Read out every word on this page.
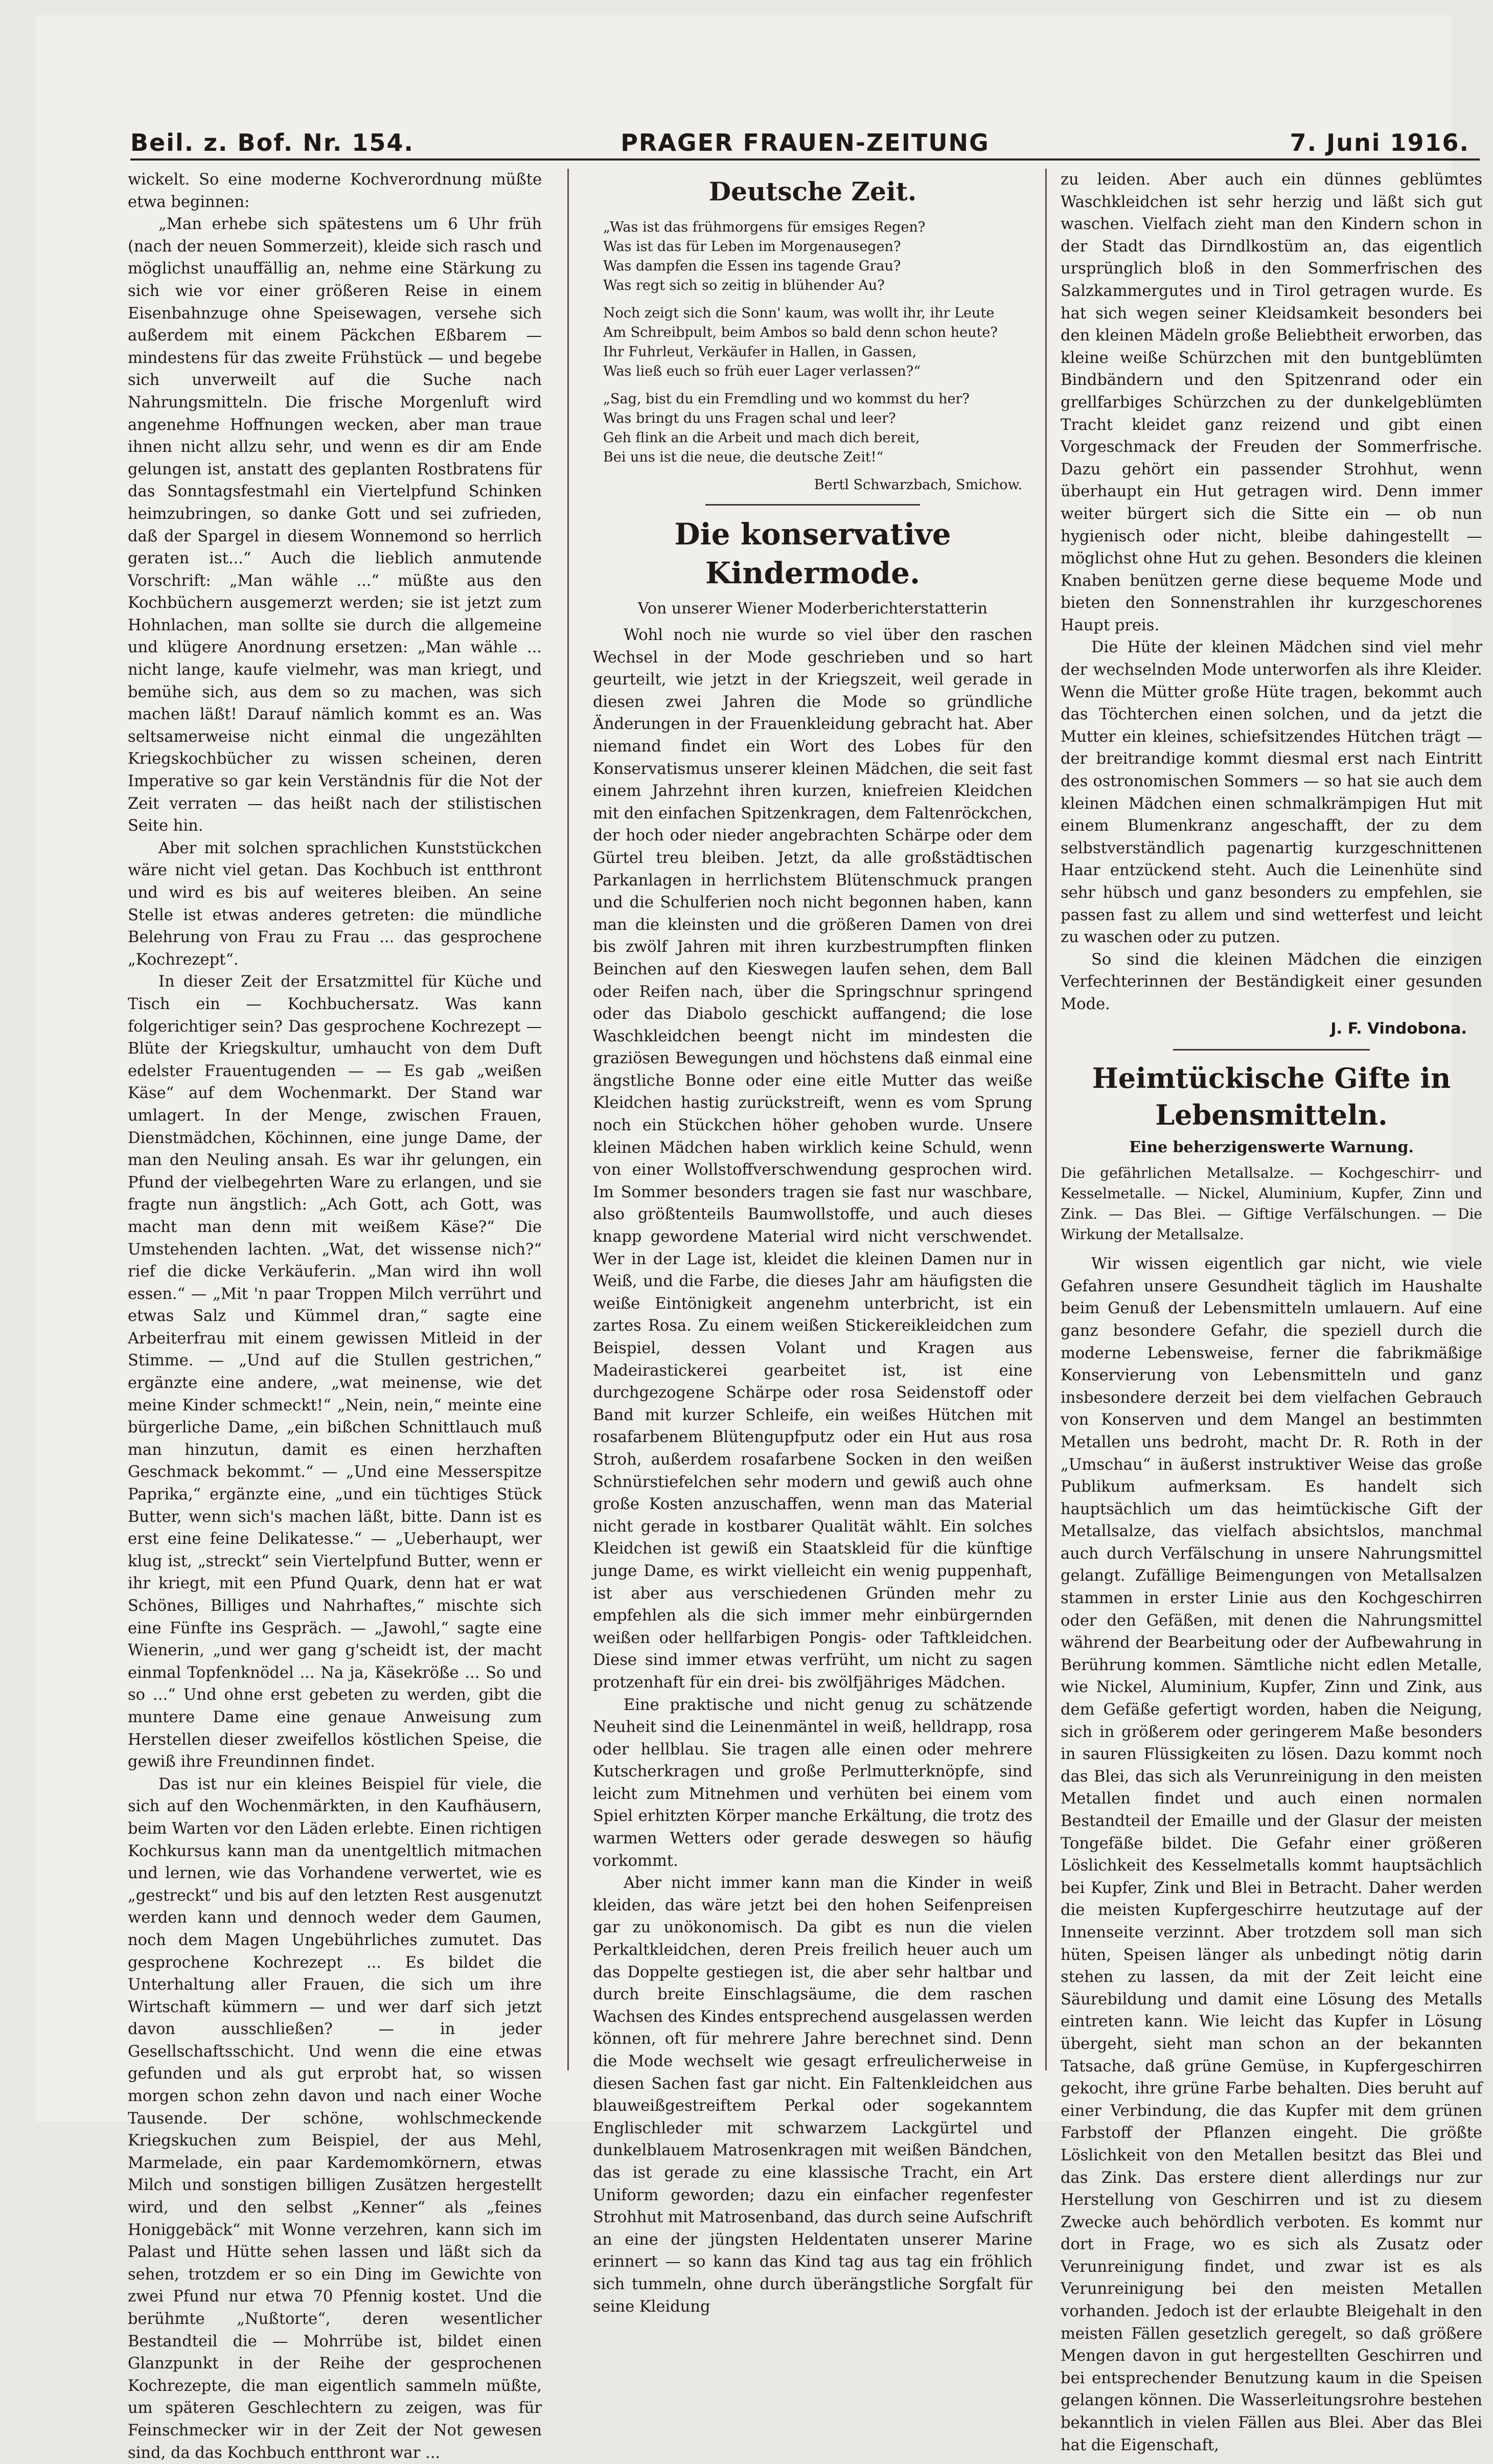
Beil. z. Bof. Nr. 154.	PRAGER FRAUEN-ZEITUNG	7. Juni 1916.

wickelt. So eine moderne Kochverordnung müßte etwa beginnen:

„Man erhebe sich spätestens um 6 Uhr früh (nach der neuen Sommerzeit), kleide sich rasch und möglichst unauffällig an, nehme eine Stärkung zu sich wie vor einer größeren Reise in einem Eisenbahnzuge ohne Speisewagen, versehe sich außerdem mit einem Päckchen Eßbarem — mindestens für das zweite Frühstück — und begebe sich unverweilt auf die Suche nach Nahrungsmitteln. Die frische Morgenluft wird angenehme Hoffnungen wecken, aber man traue ihnen nicht allzu sehr, und wenn es dir am Ende gelungen ist, anstatt des geplanten Rostbratens für das Sonntagsfestmahl ein Viertelpfund Schinken heimzubringen, so danke Gott und sei zufrieden, daß der Spargel in diesem Wonnemond so herrlich geraten ist...“ Auch die lieblich anmutende Vorschrift: „Man wähle ...“ müßte aus den Kochbüchern ausgemerzt werden; sie ist jetzt zum Hohnlachen, man sollte sie durch die allgemeine und klügere Anordnung ersetzen: „Man wähle ... nicht lange, kaufe vielmehr, was man kriegt, und bemühe sich, aus dem so zu machen, was sich machen läßt! Darauf nämlich kommt es an. Was seltsamerweise nicht einmal die ungezählten Kriegskochbücher zu wissen scheinen, deren Imperative so gar kein Verständnis für die Not der Zeit verraten — das heißt nach der stilistischen Seite hin.

Aber mit solchen sprachlichen Kunststückchen wäre nicht viel getan. Das Kochbuch ist entthront und wird es bis auf weiteres bleiben. An seine Stelle ist etwas anderes getreten: die mündliche Belehrung von Frau zu Frau ... das gesprochene „Kochrezept“.

In dieser Zeit der Ersatzmittel für Küche und Tisch ein — Kochbuchersatz. Was kann folgerichtiger sein? Das gesprochene Kochrezept — Blüte der Kriegskultur, umhaucht von dem Duft edelster Frauentugenden — — Es gab „weißen Käse“ auf dem Wochenmarkt. Der Stand war umlagert. In der Menge, zwischen Frauen, Dienstmädchen, Köchinnen, eine junge Dame, der man den Neuling ansah. Es war ihr gelungen, ein Pfund der vielbegehrten Ware zu erlangen, und sie fragte nun ängstlich: „Ach Gott, ach Gott, was macht man denn mit weißem Käse?“ Die Umstehenden lachten. „Wat, det wissense nich?“ rief die dicke Verkäuferin. „Man wird ihn woll essen.“ — „Mit 'n paar Troppen Milch verrührt und etwas Salz und Kümmel dran,“ sagte eine Arbeiterfrau mit einem gewissen Mitleid in der Stimme. — „Und auf die Stullen gestrichen,“ ergänzte eine andere, „wat meinense, wie det meine Kinder schmeckt!“ „Nein, nein,“ meinte eine bürgerliche Dame, „ein bißchen Schnittlauch muß man hinzutun, damit es einen herzhaften Geschmack bekommt.“ — „Und eine Messerspitze Paprika,“ ergänzte eine, „und ein tüchtiges Stück Butter, wenn sich's machen läßt, bitte. Dann ist es erst eine feine Delikatesse.“ — „Ueberhaupt, wer klug ist, „streckt“ sein Viertelpfund Butter, wenn er ihr kriegt, mit een Pfund Quark, denn hat er wat Schönes, Billiges und Nahrhaftes,“ mischte sich eine Fünfte ins Gespräch. — „Jawohl,“ sagte eine Wienerin, „und wer gang g'scheidt ist, der macht einmal Topfenknödel ... Na ja, Käsekröße ... So und so ...“ Und ohne erst gebeten zu werden, gibt die muntere Dame eine genaue Anweisung zum Herstellen dieser zweifellos köstlichen Speise, die gewiß ihre Freundinnen findet.

Das ist nur ein kleines Beispiel für viele, die sich auf den Wochenmärkten, in den Kaufhäusern, beim Warten vor den Läden erlebte. Einen richtigen Kochkursus kann man da unentgeltlich mitmachen und lernen, wie das Vorhandene verwertet, wie es „gestreckt“ und bis auf den letzten Rest ausgenutzt werden kann und dennoch weder dem Gaumen, noch dem Magen Ungebührliches zumutet. Das gesprochene Kochrezept ... Es bildet die Unterhaltung aller Frauen, die sich um ihre Wirtschaft kümmern — und wer darf sich jetzt davon ausschließen? — in jeder Gesellschaftsschicht. Und wenn die eine etwas gefunden und als gut erprobt hat, so wissen morgen schon zehn davon und nach einer Woche Tausende. Der schöne, wohlschmeckende Kriegskuchen zum Beispiel, der aus Mehl, Marmelade, ein paar Kardemomkörnern, etwas Milch und sonstigen billigen Zusätzen hergestellt wird, und den selbst „Kenner“ als „feines Honiggebäck“ mit Wonne verzehren, kann sich im Palast und Hütte sehen lassen und läßt sich da sehen, trotzdem er so ein Ding im Gewichte von zwei Pfund nur etwa 70 Pfennig kostet. Und die berühmte „Nußtorte“, deren wesentlicher Bestandteil die — Mohrrübe ist, bildet einen Glanzpunkt in der Reihe der gesprochenen Kochrezepte, die man eigentlich sammeln müßte, um späteren Geschlechtern zu zeigen, was für Feinschmecker wir in der Zeit der Not gewesen sind, da das Kochbuch entthront war ...

Deutsche Zeit.
„Was ist das frühmorgens für emsiges Regen?
Was ist das für Leben im Morgenausegen?
Was dampfen die Essen ins tagende Grau?
Was regt sich so zeitig in blühender Au?
Noch zeigt sich die Sonn' kaum, was wollt ihr, ihr Leute
Am Schreibpult, beim Ambos so bald denn schon heute?
Ihr Fuhrleut, Verkäufer in Hallen, in Gassen,
Was ließ euch so früh euer Lager verlassen?“
„Sag, bist du ein Fremdling und wo kommst du her?
Was bringt du uns Fragen schal und leer?
Geh flink an die Arbeit und mach dich bereit,
Bei uns ist die neue, die deutsche Zeit!“
Bertl Schwarzbach, Smichow.
Die konservative Kindermode.
Von unserer Wiener Moderberichterstatterin

Wohl noch nie wurde so viel über den raschen Wechsel in der Mode geschrieben und so hart geurteilt, wie jetzt in der Kriegszeit, weil gerade in diesen zwei Jahren die Mode so gründliche Änderungen in der Frauenkleidung gebracht hat. Aber niemand findet ein Wort des Lobes für den Konservatismus unserer kleinen Mädchen, die seit fast einem Jahrzehnt ihren kurzen, kniefreien Kleidchen mit den einfachen Spitzenkragen, dem Faltenröckchen, der hoch oder nieder angebrachten Schärpe oder dem Gürtel treu bleiben. Jetzt, da alle großstädtischen Parkanlagen in herrlichstem Blütenschmuck prangen und die Schulferien noch nicht begonnen haben, kann man die kleinsten und die größeren Damen von drei bis zwölf Jahren mit ihren kurzbestrumpften flinken Beinchen auf den Kieswegen laufen sehen, dem Ball oder Reifen nach, über die Springschnur springend oder das Diabolo geschickt auffangend; die lose Waschkleidchen beengt nicht im mindesten die graziösen Bewegungen und höchstens daß einmal eine ängstliche Bonne oder eine eitle Mutter das weiße Kleidchen hastig zurückstreift, wenn es vom Sprung noch ein Stückchen höher gehoben wurde. Unsere kleinen Mädchen haben wirklich keine Schuld, wenn von einer Wollstoffverschwendung gesprochen wird. Im Sommer besonders tragen sie fast nur waschbare, also größtenteils Baumwollstoffe, und auch dieses knapp gewordene Material wird nicht verschwendet. Wer in der Lage ist, kleidet die kleinen Damen nur in Weiß, und die Farbe, die dieses Jahr am häufigsten die weiße Eintönigkeit angenehm unterbricht, ist ein zartes Rosa. Zu einem weißen Stickereikleidchen zum Beispiel, dessen Volant und Kragen aus Madeirastickerei gearbeitet ist, ist eine durchgezogene Schärpe oder rosa Seidenstoff oder Band mit kurzer Schleife, ein weißes Hütchen mit rosafarbenem Blütengupfputz oder ein Hut aus rosa Stroh, außerdem rosafarbene Socken in den weißen Schnürstiefelchen sehr modern und gewiß auch ohne große Kosten anzuschaffen, wenn man das Material nicht gerade in kostbarer Qualität wählt. Ein solches Kleidchen ist gewiß ein Staatskleid für die künftige junge Dame, es wirkt vielleicht ein wenig puppenhaft, ist aber aus verschiedenen Gründen mehr zu empfehlen als die sich immer mehr einbürgernden weißen oder hellfarbigen Pongis- oder Taftkleidchen. Diese sind immer etwas verfrüht, um nicht zu sagen protzenhaft für ein drei- bis zwölfjähriges Mädchen.

Eine praktische und nicht genug zu schätzende Neuheit sind die Leinenmäntel in weiß, helldrapp, rosa oder hellblau. Sie tragen alle einen oder mehrere Kutscherkragen und große Perlmutterknöpfe, sind leicht zum Mitnehmen und verhüten bei einem vom Spiel erhitzten Körper manche Erkältung, die trotz des warmen Wetters oder gerade deswegen so häufig vorkommt.

Aber nicht immer kann man die Kinder in weiß kleiden, das wäre jetzt bei den hohen Seifenpreisen gar zu unökonomisch. Da gibt es nun die vielen Perkaltkleidchen, deren Preis freilich heuer auch um das Doppelte gestiegen ist, die aber sehr haltbar und durch breite Einschlagsäume, die dem raschen Wachsen des Kindes entsprechend ausgelassen werden können, oft für mehrere Jahre berechnet sind. Denn die Mode wechselt wie gesagt erfreulicherweise in diesen Sachen fast gar nicht. Ein Faltenkleidchen aus blauweißgestreiftem Perkal oder sogekanntem Englischleder mit schwarzem Lackgürtel und dunkelblauem Matrosenkragen mit weißen Bändchen, das ist gerade zu eine klassische Tracht, ein Art Uniform geworden; dazu ein einfacher regenfester Strohhut mit Matrosenband, das durch seine Aufschrift an eine der jüngsten Heldentaten unserer Marine erinnert — so kann das Kind tag aus tag ein fröhlich sich tummeln, ohne durch überängstliche Sorgfalt für seine Kleidung

zu leiden. Aber auch ein dünnes geblümtes Waschkleidchen ist sehr herzig und läßt sich gut waschen. Vielfach zieht man den Kindern schon in der Stadt das Dirndlkostüm an, das eigentlich ursprünglich bloß in den Sommerfrischen des Salzkammergutes und in Tirol getragen wurde. Es hat sich wegen seiner Kleidsamkeit besonders bei den kleinen Mädeln große Beliebtheit erworben, das kleine weiße Schürzchen mit den buntgeblümten Bindbändern und den Spitzenrand oder ein grellfarbiges Schürzchen zu der dunkelgeblümten Tracht kleidet ganz reizend und gibt einen Vorgeschmack der Freuden der Sommerfrische. Dazu gehört ein passender Strohhut, wenn überhaupt ein Hut getragen wird. Denn immer weiter bürgert sich die Sitte ein — ob nun hygienisch oder nicht, bleibe dahingestellt — möglichst ohne Hut zu gehen. Besonders die kleinen Knaben benützen gerne diese bequeme Mode und bieten den Sonnenstrahlen ihr kurzgeschorenes Haupt preis.

Die Hüte der kleinen Mädchen sind viel mehr der wechselnden Mode unterworfen als ihre Kleider. Wenn die Mütter große Hüte tragen, bekommt auch das Töchterchen einen solchen, und da jetzt die Mutter ein kleines, schiefsitzendes Hütchen trägt — der breitrandige kommt diesmal erst nach Eintritt des ostronomischen Sommers — so hat sie auch dem kleinen Mädchen einen schmalkrämpigen Hut mit einem Blumenkranz angeschafft, der zu dem selbstverständlich pagenartig kurzgeschnittenen Haar entzückend steht. Auch die Leinenhüte sind sehr hübsch und ganz besonders zu empfehlen, sie passen fast zu allem und sind wetterfest und leicht zu waschen oder zu putzen.

So sind die kleinen Mädchen die einzigen Verfechterinnen der Beständigkeit einer gesunden Mode.

J. F. Vindobona.
Heimtückische Gifte in Lebensmitteln.
Eine beherzigenswerte Warnung.
Die gefährlichen Metallsalze. — Kochgeschirr- und Kesselmetalle. — Nickel, Aluminium, Kupfer, Zinn und Zink. — Das Blei. — Giftige Verfälschungen. — Die Wirkung der Metallsalze.

Wir wissen eigentlich gar nicht, wie viele Gefahren unsere Gesundheit täglich im Haushalte beim Genuß der Lebensmitteln umlauern. Auf eine ganz besondere Gefahr, die speziell durch die moderne Lebensweise, ferner die fabrikmäßige Konservierung von Lebensmitteln und ganz insbesondere derzeit bei dem vielfachen Gebrauch von Konserven und dem Mangel an bestimmten Metallen uns bedroht, macht Dr. R. Roth in der „Umschau“ in äußerst instruktiver Weise das große Publikum aufmerksam. Es handelt sich hauptsächlich um das heimtückische Gift der Metallsalze, das vielfach absichtslos, manchmal auch durch Verfälschung in unsere Nahrungsmittel gelangt. Zufällige Beimengungen von Metallsalzen stammen in erster Linie aus den Kochgeschirren oder den Gefäßen, mit denen die Nahrungsmittel während der Bearbeitung oder der Aufbewahrung in Berührung kommen. Sämtliche nicht edlen Metalle, wie Nickel, Aluminium, Kupfer, Zinn und Zink, aus dem Gefäße gefertigt worden, haben die Neigung, sich in größerem oder geringerem Maße besonders in sauren Flüssigkeiten zu lösen. Dazu kommt noch das Blei, das sich als Verunreinigung in den meisten Metallen findet und auch einen normalen Bestandteil der Emaille und der Glasur der meisten Tongefäße bildet. Die Gefahr einer größeren Löslichkeit des Kesselmetalls kommt hauptsächlich bei Kupfer, Zink und Blei in Betracht. Daher werden die meisten Kupfergeschirre heutzutage auf der Innenseite verzinnt. Aber trotzdem soll man sich hüten, Speisen länger als unbedingt nötig darin stehen zu lassen, da mit der Zeit leicht eine Säurebildung und damit eine Lösung des Metalls eintreten kann. Wie leicht das Kupfer in Lösung übergeht, sieht man schon an der bekannten Tatsache, daß grüne Gemüse, in Kupfergeschirren gekocht, ihre grüne Farbe behalten. Dies beruht auf einer Verbindung, die das Kupfer mit dem grünen Farbstoff der Pflanzen eingeht. Die größte Löslichkeit von den Metallen besitzt das Blei und das Zink. Das erstere dient allerdings nur zur Herstellung von Geschirren und ist zu diesem Zwecke auch behördlich verboten. Es kommt nur dort in Frage, wo es sich als Zusatz oder Verunreinigung findet, und zwar ist es als Verunreinigung bei den meisten Metallen vorhanden. Jedoch ist der erlaubte Bleigehalt in den meisten Fällen gesetzlich geregelt, so daß größere Mengen davon in gut hergestellten Geschirren und bei entsprechender Benutzung kaum in die Speisen gelangen können. Die Wasserleitungsrohre bestehen bekanntlich in vielen Fällen aus Blei. Aber das Blei hat die Eigenschaft,
